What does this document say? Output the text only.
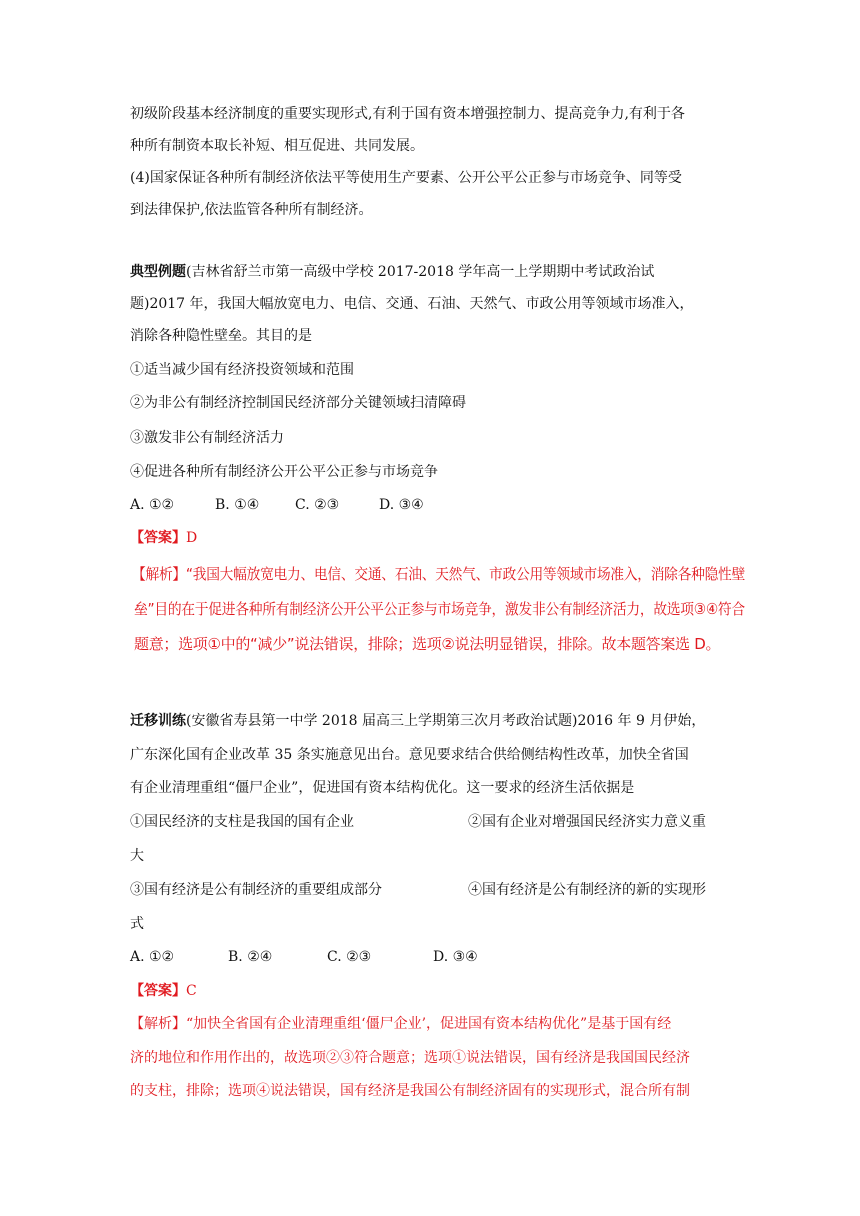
初级阶段基本经济制度的重要实现形式,有利于国有资本增强控制力、提高竞争力,有利于各
种所有制资本取长补短、相互促进、共同发展。
(4)国家保证各种所有制经济依法平等使用生产要素、公开公平公正参与市场竞争、同等受
到法律保护,依法监管各种所有制经济。
典型例题(吉林省舒兰市第一高级中学校 2017-2018 学年高一上学期期中考试政治试
题)2017 年，我国大幅放宽电力、电信、交通、石油、天然气、市政公用等领域市场准入，
消除各种隐性壁垒。其目的是
①适当减少国有经济投资领域和范围
②为非公有制经济控制国民经济部分关键领域扫清障碍
③激发非公有制经济活力
④促进各种所有制经济公开公平公正参与市场竞争
A. ①②	B. ①④	C. ②③	D. ③④
【答案】D
【解析】“我国大幅放宽电力、电信、交通、石油、天然气、市政公用等领域市场准入，消除各种隐性壁
垒”目的在于促进各种所有制经济公开公平公正参与市场竞争，激发非公有制经济活力，故选项③④符合
题意；选项①中的“减少”说法错误，排除；选项②说法明显错误，排除。故本题答案选 D。
迁移训练(安徽省寿县第一中学 2018 届高三上学期第三次月考政治试题)2016 年 9 月伊始，
广东深化国有企业改革 35 条实施意见出台。意见要求结合供给侧结构性改革，加快全省国
有企业清理重组“僵尸企业”，促进国有资本结构优化。这一要求的经济生活依据是
①国民经济的支柱是我国的国有企业	②国有企业对增强国民经济实力意义重
大
③国有经济是公有制经济的重要组成部分	④国有经济是公有制经济的新的实现形
式
A. ①②	B. ②④	C. ②③	D. ③④
【答案】C
【解析】“加快全省国有企业清理重组‘僵尸企业’，促进国有资本结构优化”是基于国有经
济的地位和作用作出的，故选项②③符合题意；选项①说法错误，国有经济是我国国民经济
的支柱，排除；选项④说法错误，国有经济是我国公有制经济固有的实现形式，混合所有制
